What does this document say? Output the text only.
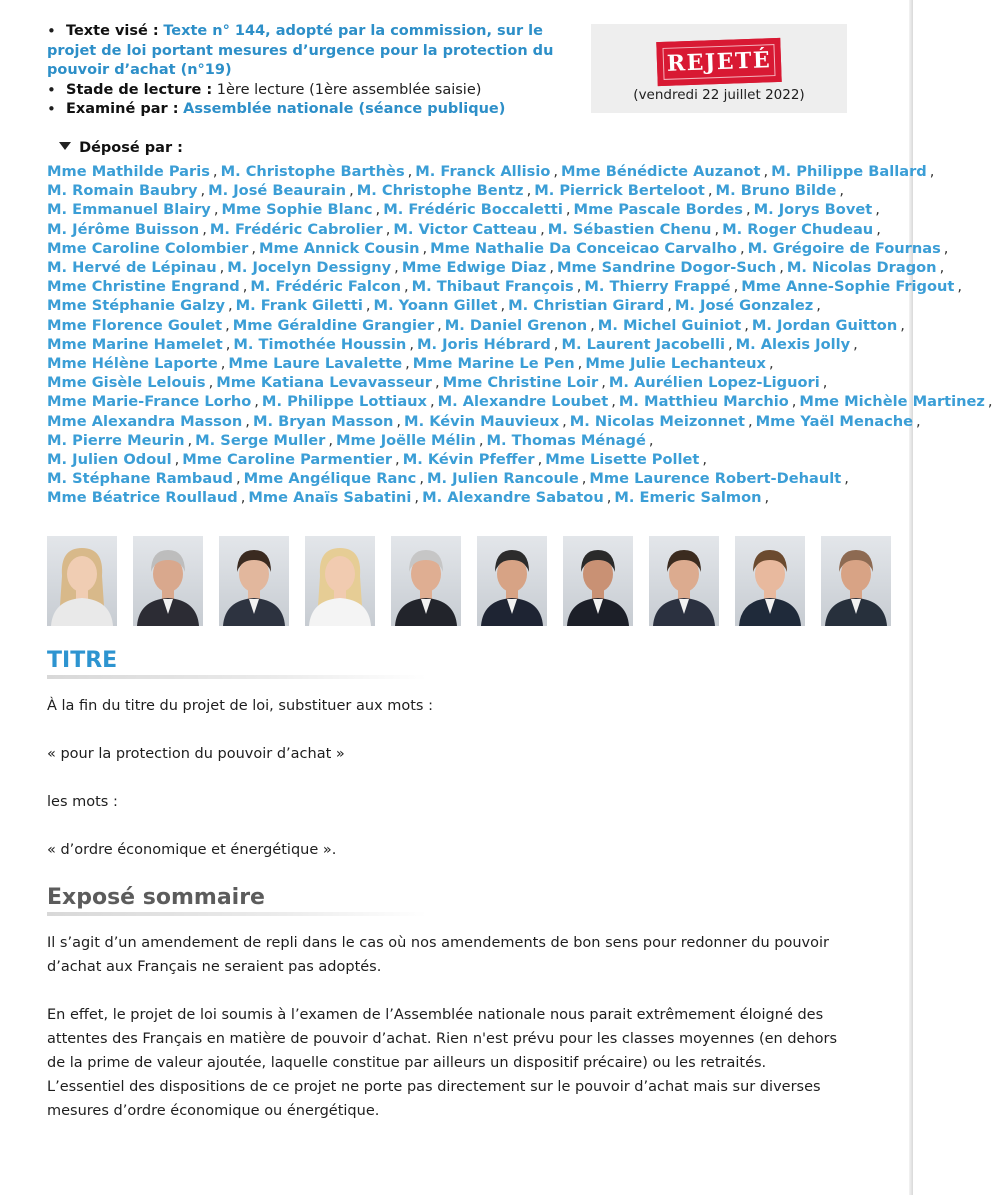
• Texte visé : Texte n° 144, adopté par la commission, sur le projet de loi portant mesures d’urgence pour la protection du pouvoir d’achat (n°19)

• Stade de lecture : 1ère lecture (1ère assemblée saisie)

• Examiné par : Assemblée nationale (séance publique)

REJETÉ
(vendredi 22 juillet 2022)
Déposé par :
Mme Mathilde Paris , M. Christophe Barthès , M. Franck Allisio , Mme Bénédicte Auzanot , M. Philippe Ballard ,
M. Romain Baubry , M. José Beaurain , M. Christophe Bentz , M. Pierrick Berteloot , M. Bruno Bilde ,
M. Emmanuel Blairy , Mme Sophie Blanc , M. Frédéric Boccaletti , Mme Pascale Bordes , M. Jorys Bovet ,
M. Jérôme Buisson , M. Frédéric Cabrolier , M. Victor Catteau , M. Sébastien Chenu , M. Roger Chudeau ,
Mme Caroline Colombier , Mme Annick Cousin , Mme Nathalie Da Conceicao Carvalho , M. Grégoire de Fournas ,
M. Hervé de Lépinau , M. Jocelyn Dessigny , Mme Edwige Diaz , Mme Sandrine Dogor-Such , M. Nicolas Dragon ,
Mme Christine Engrand , M. Frédéric Falcon , M. Thibaut François , M. Thierry Frappé , Mme Anne-Sophie Frigout ,
Mme Stéphanie Galzy , M. Frank Giletti , M. Yoann Gillet , M. Christian Girard , M. José Gonzalez ,
Mme Florence Goulet , Mme Géraldine Grangier , M. Daniel Grenon , M. Michel Guiniot , M. Jordan Guitton ,
Mme Marine Hamelet , M. Timothée Houssin , M. Joris Hébrard , M. Laurent Jacobelli , M. Alexis Jolly ,
Mme Hélène Laporte , Mme Laure Lavalette , Mme Marine Le Pen , Mme Julie Lechanteux ,
Mme Gisèle Lelouis , Mme Katiana Levavasseur , Mme Christine Loir , M. Aurélien Lopez-Liguori ,
Mme Marie-France Lorho , M. Philippe Lottiaux , M. Alexandre Loubet , M. Matthieu Marchio , Mme Michèle Martinez ,
Mme Alexandra Masson , M. Bryan Masson , M. Kévin Mauvieux , M. Nicolas Meizonnet , Mme Yaël Menache ,
M. Pierre Meurin , M. Serge Muller , Mme Joëlle Mélin , M. Thomas Ménagé ,
M. Julien Odoul , Mme Caroline Parmentier , M. Kévin Pfeffer , Mme Lisette Pollet ,
M. Stéphane Rambaud , Mme Angélique Ranc , M. Julien Rancoule , Mme Laurence Robert-Dehault ,
Mme Béatrice Roullaud , Mme Anaïs Sabatini , M. Alexandre Sabatou , M. Emeric Salmon ,
TITRE
À la fin du titre du projet de loi, substituer aux mots :
« pour la protection du pouvoir d’achat »
les mots :
« d’ordre économique et énergétique ».
Exposé sommaire
Il s’agit d’un amendement de repli dans le cas où nos amendements de bon sens pour redonner du pouvoir d’achat aux Français ne seraient pas adoptés.
En effet, le projet de loi soumis à l’examen de l’Assemblée nationale nous parait extrêmement éloigné des attentes des Français en matière de pouvoir d’achat. Rien n'est prévu pour les classes moyennes (en dehors de la prime de valeur ajoutée, laquelle constitue par ailleurs un dispositif précaire) ou les retraités.
L’essentiel des dispositions de ce projet ne porte pas directement sur le pouvoir d’achat mais sur diverses mesures d’ordre économique ou énergétique.
